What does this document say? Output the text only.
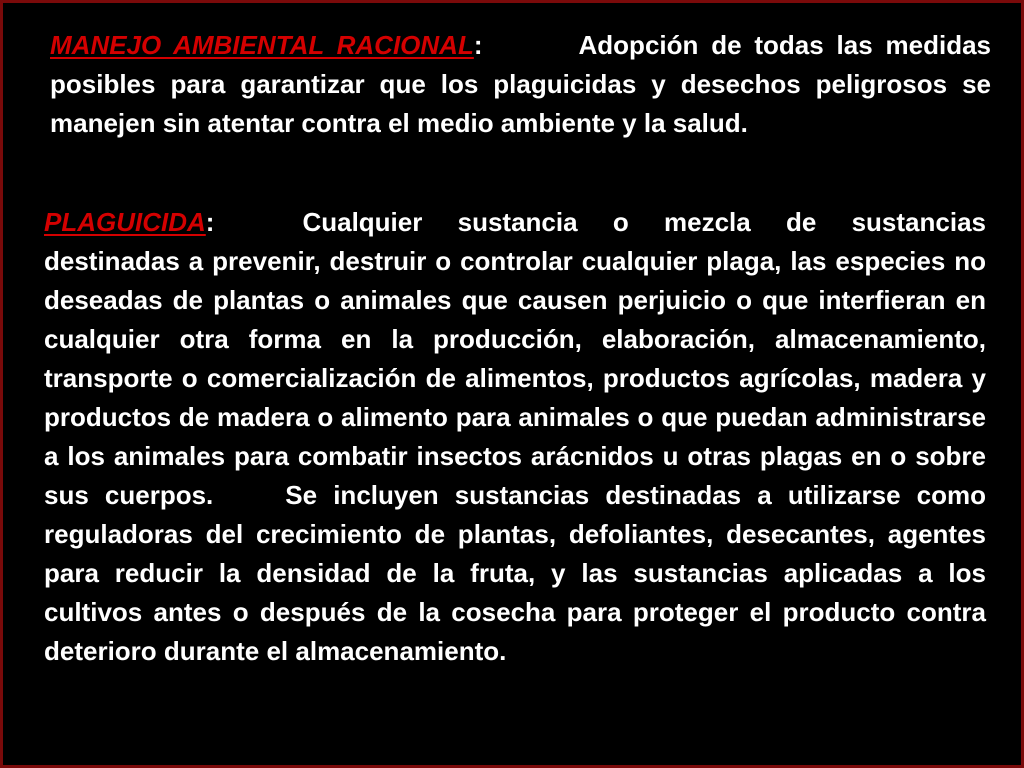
MANEJO AMBIENTAL RACIONAL:	Adopción de todas las medidas posibles para garantizar que los plaguicidas y desechos peligrosos se manejen sin atentar contra el medio ambiente y la salud.

PLAGUICIDA:	Cualquier sustancia o mezcla de sustancias destinadas a prevenir, destruir o controlar cualquier plaga, las especies no deseadas de plantas o animales que causen perjuicio o que interfieran en cualquier otra forma en la producción, elaboración, almacenamiento, transporte o comercialización de alimentos, productos agrícolas, madera y productos de madera o alimento para animales o que puedan administrarse a los animales para combatir insectos arácnidos u otras plagas en o sobre sus cuerpos.	Se incluyen sustancias destinadas a utilizarse como reguladoras del crecimiento de plantas, defoliantes, desecantes, agentes para reducir la densidad de la fruta, y las sustancias aplicadas a los cultivos antes o después de la cosecha para proteger el producto contra deterioro durante el almacenamiento.
